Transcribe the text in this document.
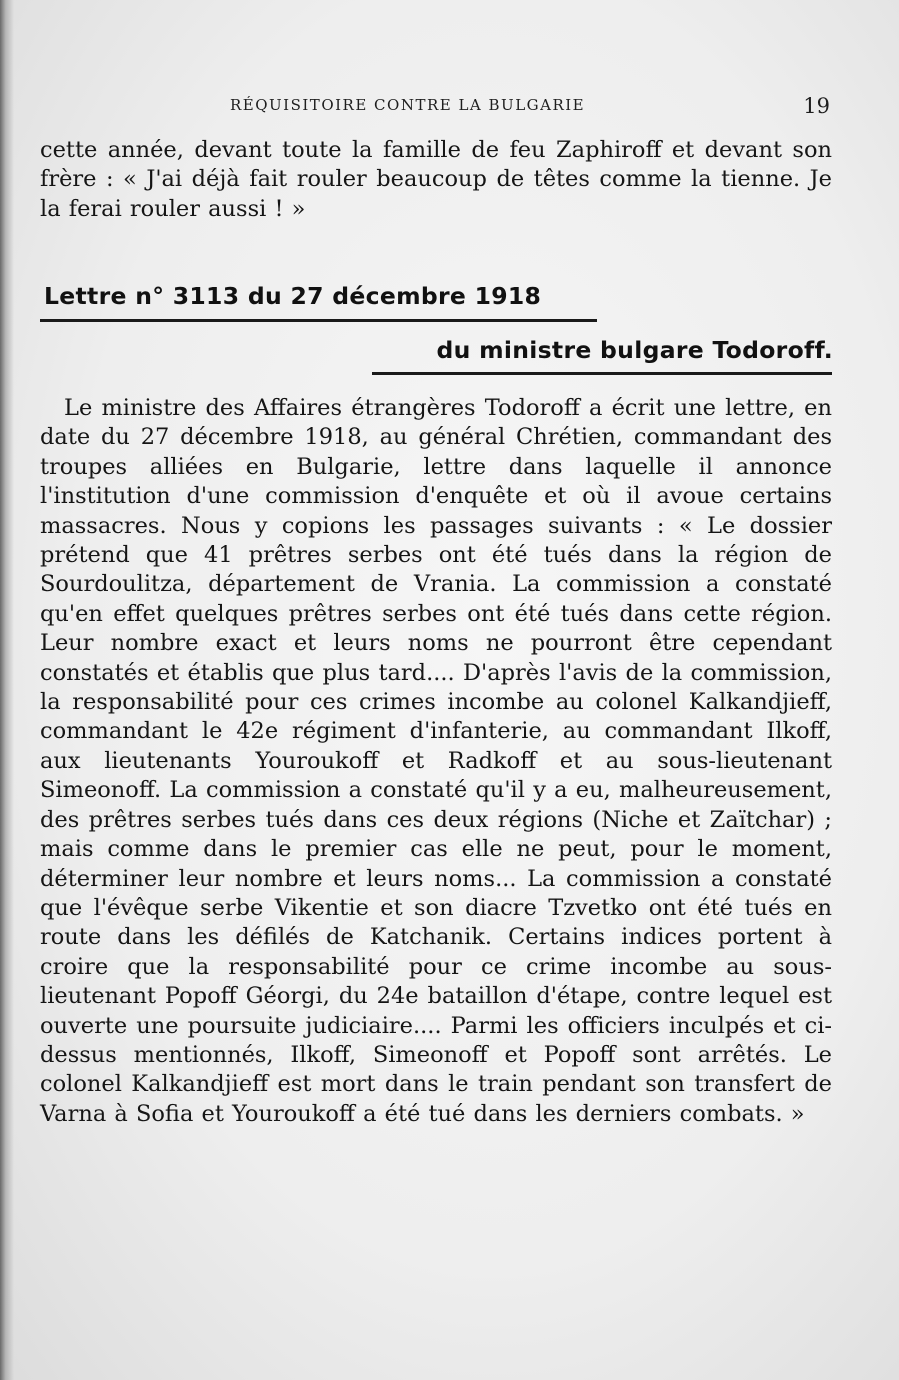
RÉQUISITOIRE CONTRE LA BULGARIE	19
cette année, devant toute la famille de feu Zaphiroff et devant son frère : « J'ai déjà fait rouler beaucoup de têtes comme la tienne. Je la ferai rouler aussi ! »
Lettre n° 3113 du 27 décembre 1918
du ministre bulgare Todoroff.
Le ministre des Affaires étrangères Todoroff a écrit une lettre, en date du 27 décembre 1918, au général Chrétien, commandant des troupes alliées en Bulgarie, lettre dans laquelle il annonce l'institution d'une commission d'enquête et où il avoue certains massacres. Nous y copions les passages suivants : « Le dossier prétend que 41 prêtres serbes ont été tués dans la région de Sourdoulitza, département de Vrania. La commission a constaté qu'en effet quelques prêtres serbes ont été tués dans cette région. Leur nombre exact et leurs noms ne pourront être cependant constatés et établis que plus tard.... D'après l'avis de la commission, la responsabilité pour ces crimes incombe au colonel Kalkandjieff, commandant le 42e régiment d'infanterie, au commandant Ilkoff, aux lieutenants Youroukoff et Radkoff et au sous-lieutenant Simeonoff. La commission a constaté qu'il y a eu, malheureusement, des prêtres serbes tués dans ces deux régions (Niche et Zaïtchar) ; mais comme dans le premier cas elle ne peut, pour le moment, déterminer leur nombre et leurs noms... La commission a constaté que l'évêque serbe Vikentie et son diacre Tzvetko ont été tués en route dans les défilés de Katchanik. Certains indices portent à croire que la responsabilité pour ce crime incombe au sous-lieutenant Popoff Géorgi, du 24e bataillon d'étape, contre lequel est ouverte une poursuite judiciaire.... Parmi les officiers inculpés et ci-dessus mentionnés, Ilkoff, Simeonoff et Popoff sont arrêtés. Le colonel Kalkandjieff est mort dans le train pendant son transfert de Varna à Sofia et Youroukoff a été tué dans les derniers combats. »
